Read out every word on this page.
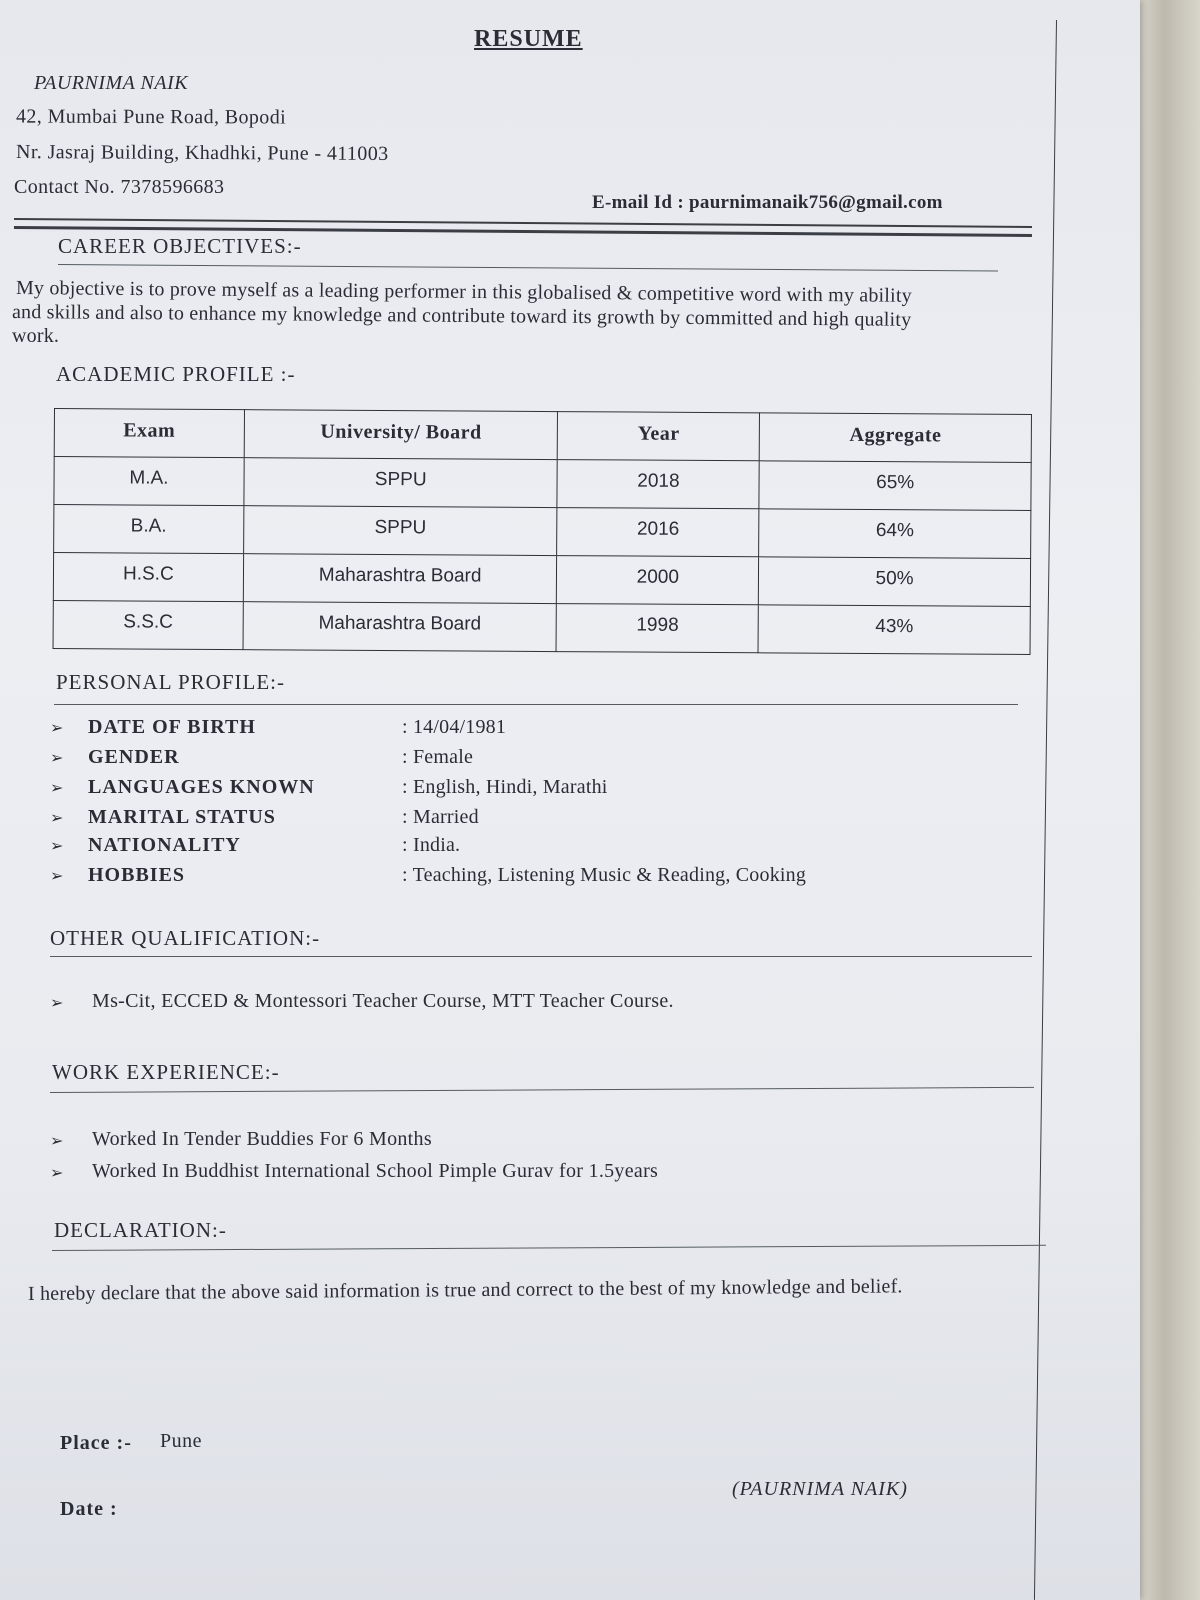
RESUME
PAURNIMA NAIK
42, Mumbai Pune Road, Bopodi
Nr. Jasraj Building, Khadhki, Pune - 411003
Contact No. 7378596683
E-mail Id : paurnimanaik756@gmail.com
CAREER OBJECTIVES:-
My objective is to prove myself as a leading performer in this globalised & competitive word with my ability
and skills and also to enhance my knowledge and contribute toward its growth by committed and high quality
work.
ACADEMIC PROFILE :-
Exam	University/ Board	Year	Aggregate
M.A.	SPPU	2018	65%
B.A.	SPPU	2016	64%
H.S.C	Maharashtra Board	2000	50%
S.S.C	Maharashtra Board	1998	43%
PERSONAL PROFILE:-
➢	DATE OF BIRTH	: 14/04/1981
➢	GENDER	: Female
➢	LANGUAGES KNOWN	: English, Hindi, Marathi
➢	MARITAL STATUS	: Married
➢	NATIONALITY	: India.
➢	HOBBIES	: Teaching, Listening Music & Reading, Cooking
OTHER QUALIFICATION:-
➢	Ms-Cit, ECCED & Montessori Teacher Course, MTT Teacher Course.
WORK EXPERIENCE:-
➢	Worked In Tender Buddies For 6 Months
➢	Worked In Buddhist International School Pimple Gurav for 1.5years
DECLARATION:-
I hereby declare that the above said information is true and correct to the best of my knowledge and belief.
Place :- Pune
Date :
(PAURNIMA NAIK)
